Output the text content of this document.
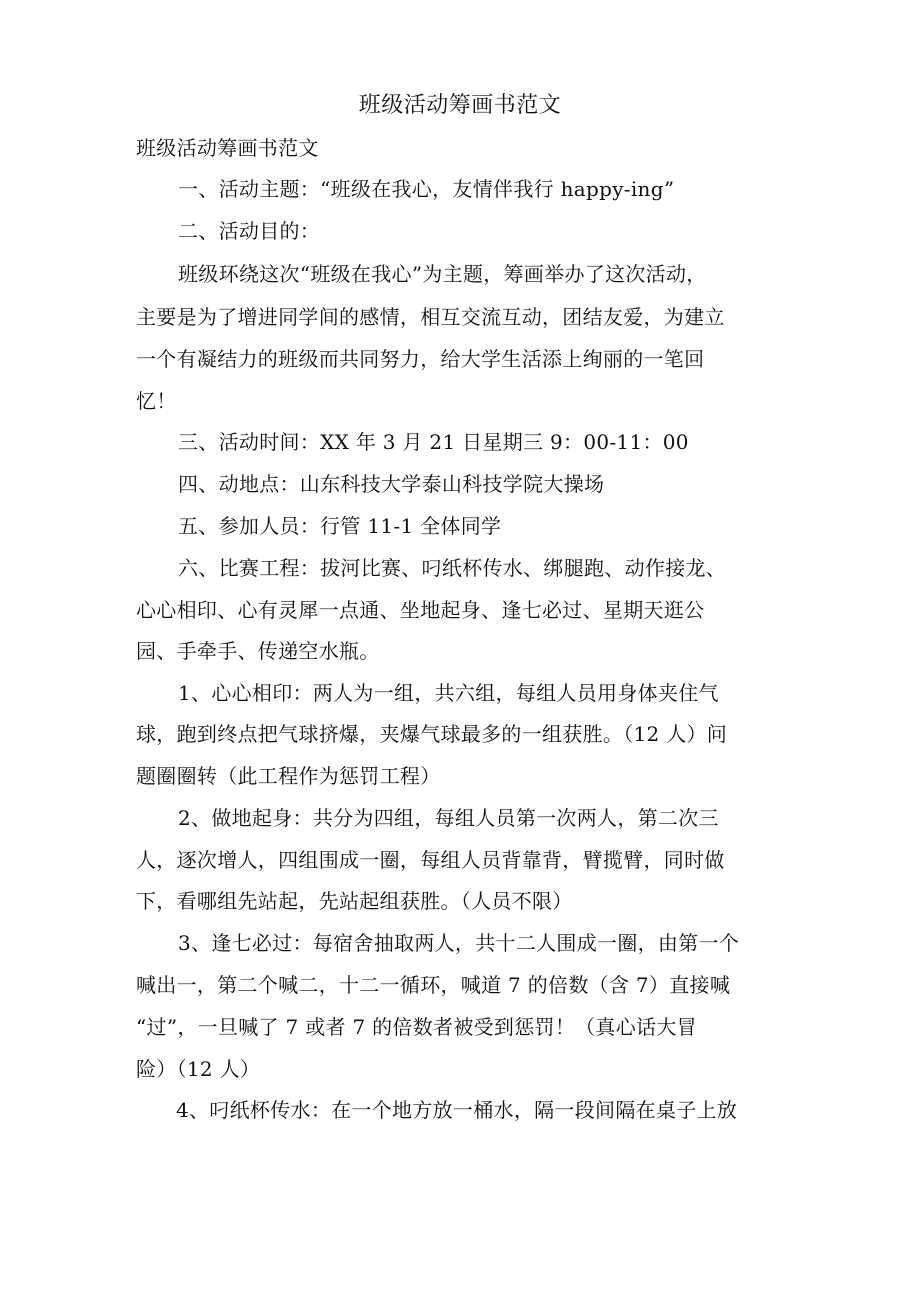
班级活动筹画书范文
班级活动筹画书范文
一、活动主题：“班级在我心，友情伴我行 happy-ing”
二、活动目的：
班级环绕这次“班级在我心”为主题，筹画举办了这次活动，
主要是为了增进同学间的感情，相互交流互动，团结友爱，为建立
一个有凝结力的班级而共同努力，给大学生活添上绚丽的一笔回
忆！
三、活动时间：XX 年 3 月 21 日星期三 9：00-11：00
四、动地点：山东科技大学泰山科技学院大操场
五、参加人员：行管 11-1 全体同学
六、比赛工程：拔河比赛、叼纸杯传水、绑腿跑、动作接龙、
心心相印、心有灵犀一点通、坐地起身、逢七必过、星期天逛公
园、手牵手、传递空水瓶。
1、心心相印：两人为一组，共六组，每组人员用身体夹住气
球，跑到终点把气球挤爆，夹爆气球最多的一组获胜。（12 人）问
题圈圈转（此工程作为惩罚工程）
2、做地起身：共分为四组，每组人员第一次两人，第二次三
人，逐次增人，四组围成一圈，每组人员背靠背，臂揽臂，同时做
下，看哪组先站起，先站起组获胜。（人员不限）
3、逢七必过：每宿舍抽取两人，共十二人围成一圈，由第一个
喊出一，第二个喊二，十二一循环，喊道 7 的倍数（含 7）直接喊
“过”，一旦喊了 7 或者 7 的倍数者被受到惩罚！（真心话大冒
险）（12 人）
4、叼纸杯传水：在一个地方放一桶水，隔一段间隔在桌子上放
